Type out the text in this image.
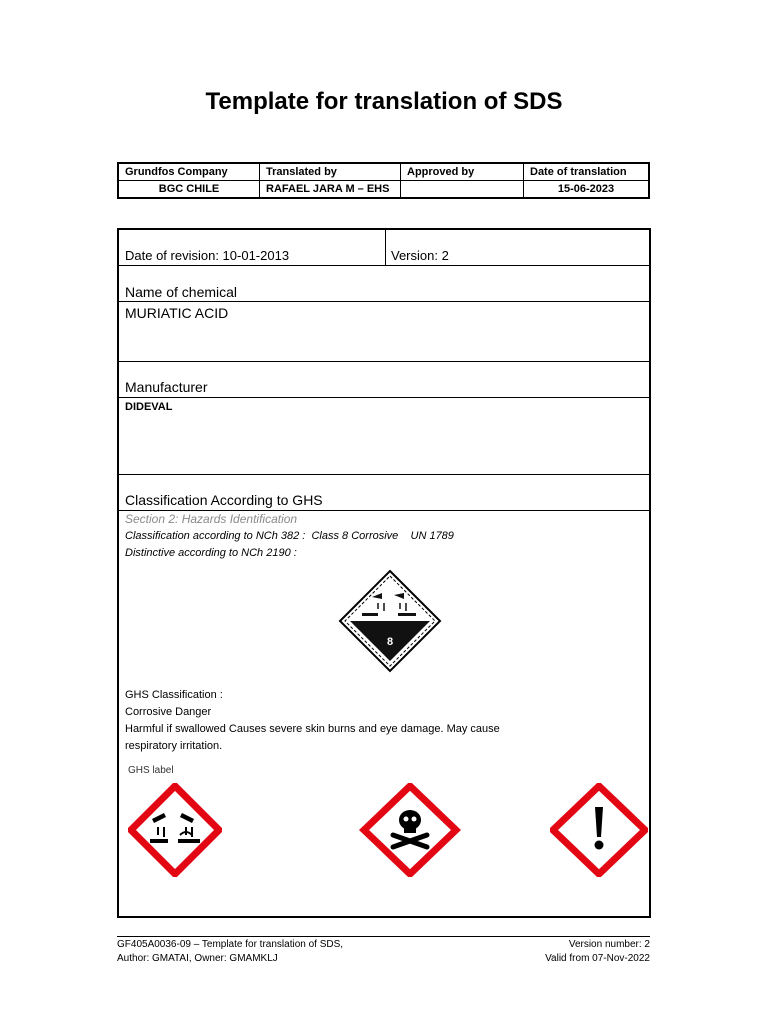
Template for translation of SDS
Grundfos Company	Translated by	Approved by	Date of translation
BGC CHILE	RAFAEL JARA M – EHS		15-06-2023
Date of revision: 10-01-2013	Version: 2
Name of chemical
MURIATIC ACID
Manufacturer
DIDEVAL
Classification According to GHS
Section 2: Hazards Identification
Classification according to NCh 382 :  Class 8 Corrosive    UN 1789
Distinctive according to NCh 2190 :
8
GHS Classification :
Corrosive Danger
Harmful if swallowed Causes severe skin burns and eye damage. May cause
respiratory irritation.
GHS label
GF405A0036-09 – Template for translation of SDS,
Author: GMATAI, Owner: GMAMKLJ
Version number: 2
Valid from 07-Nov-2022
